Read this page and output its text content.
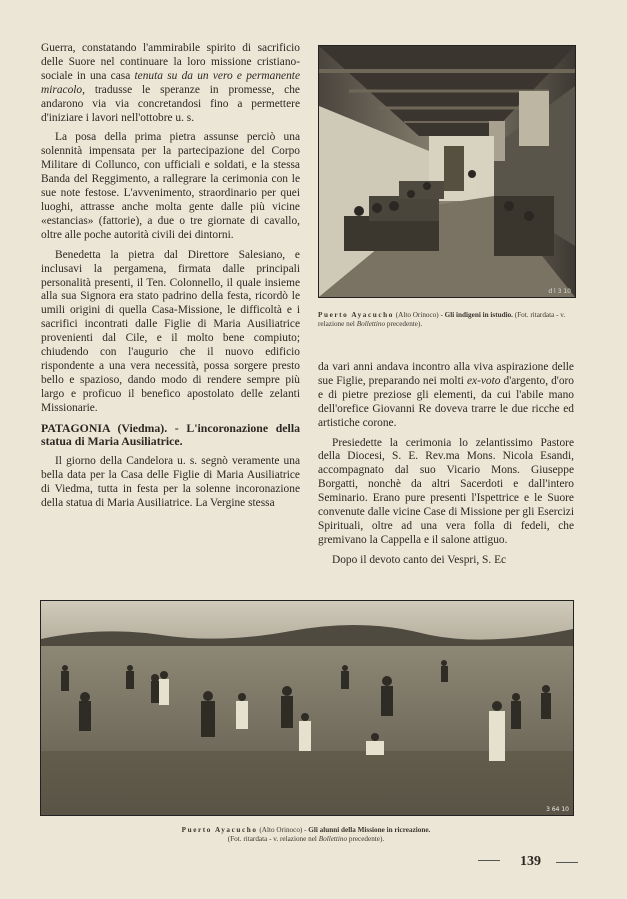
Guerra, constatando l'ammirabile spirito di sacrificio delle Suore nel continuare la loro missione cristiano-sociale in una casa tenuta su da un vero e permanente miracolo, tradusse le speranze in promesse, che andarono via via concretandosi fino a permettere d'iniziare i lavori nell'ottobre u. s.

La posa della prima pietra assunse perciò una solennità impensata per la partecipazione del Corpo Militare di Collunco, con ufficiali e soldati, e la stessa Banda del Reggimento, a rallegrare la cerimonia con le sue note festose. L'avvenimento, straordinario per quei luoghi, attrasse anche molta gente dalle più vicine «estancias» (fattorie), a due o tre giornate di cavallo, oltre alle poche autorità civili dei dintorni.

Benedetta la pietra dal Direttore Salesiano, e inclusavi la pergamena, firmata dalle principali personalità presenti, il Ten. Colonnello, il quale insieme alla sua Signora era stato padrino della festa, ricordò le umili origini di quella Casa-Missione, le difficoltà e i sacrifici incontrati dalle Figlie di Maria Ausiliatrice provenienti dal Cile, e il molto bene compiuto; chiudendo con l'augurio che il nuovo edificio rispondente a una vera necessità, possa sorgere presto bello e spazioso, dando modo di rendere sempre più largo e proficuo il benefico apostolato delle zelanti Missionarie.

PATAGONIA (Viedma). - L'incoronazione della statua di Maria Ausiliatrice.

Il giorno della Candelora u. s. segnò veramente una bella data per la Casa delle Figlie di Maria Ausiliatrice di Viedma, tutta in festa per la solenne incoronazione della statua di Maria Ausiliatrice. La Vergine stessa

d l 3 10
Puerto Ayacucho (Alto Orinoco) - Gli indigeni in istudio. (Fot. ritardata - v. relazione nel Bollettino precedente).

da vari anni andava incontro alla viva aspirazione delle sue Figlie, preparando nei molti ex-voto d'argento, d'oro e di pietre preziose gli elementi, da cui l'abile mano dell'orefice Giovanni Re doveva trarre le due ricche ed artistiche corone.

Presiedette la cerimonia lo zelantissimo Pastore della Diocesi, S. E. Rev.ma Mons. Nicola Esandi, accompagnato dal suo Vicario Mons. Giuseppe Borgatti, nonchè da altri Sacerdoti e dall'intero Seminario. Erano pure presenti l'Ispettrice e le Suore convenute dalle vicine Case di Missione per gli Esercizi Spirituali, oltre ad una vera folla di fedeli, che gremivano la Cappella e il salone attiguo.

Dopo il devoto canto dei Vespri, S. Ec

3 64 10
Puerto Ayacucho (Alto Orinoco) - Gli alunni della Missione in ricreazione.
(Fot. ritardata - v. relazione nel Bollettino precedente).
139
